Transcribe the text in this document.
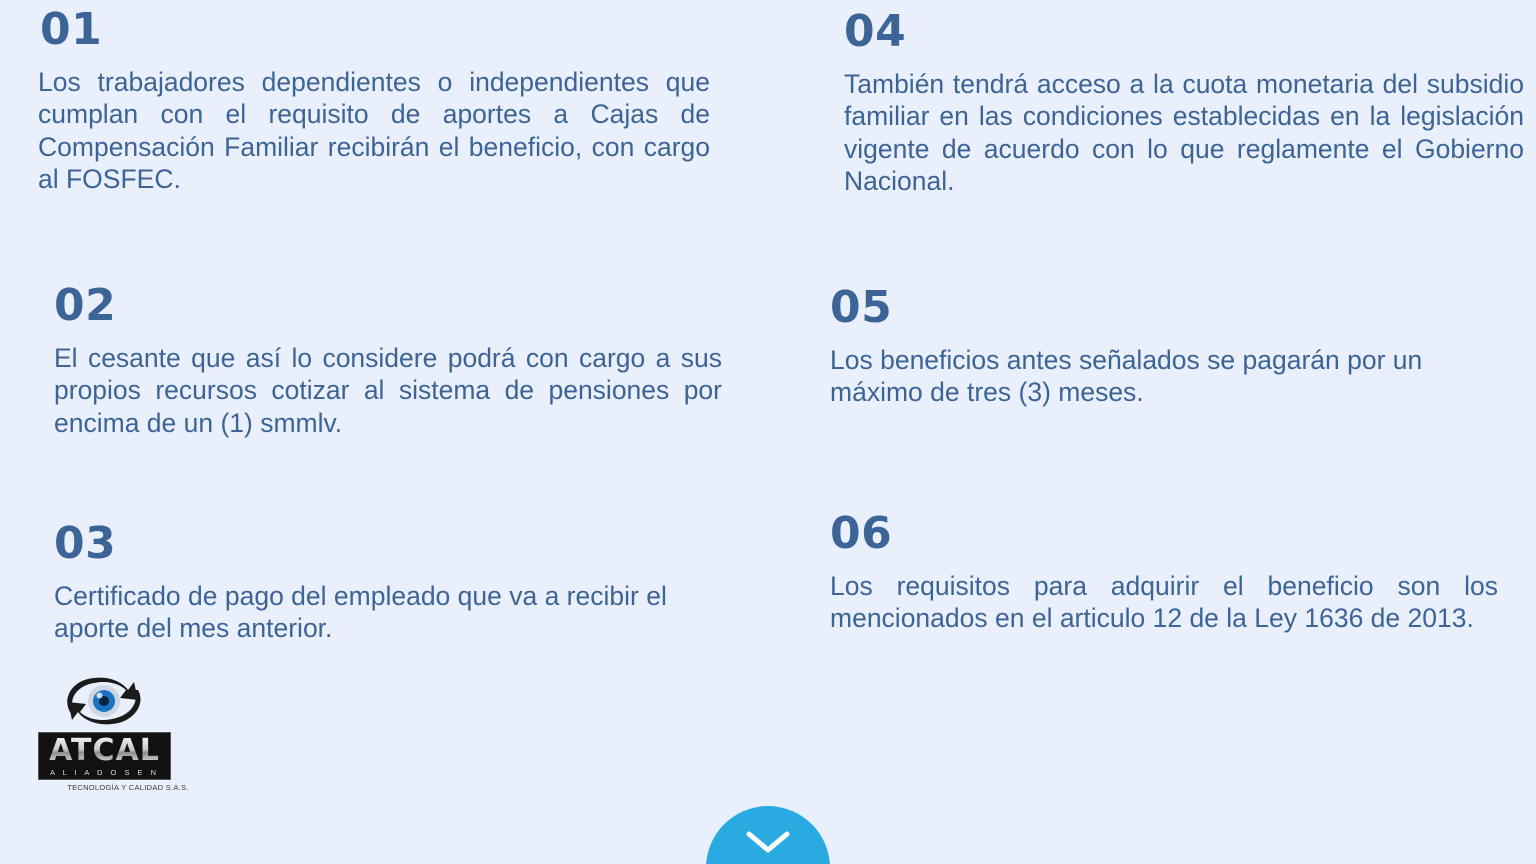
01
Los trabajadores dependientes o independientes que cumplan con el requisito de aportes a Cajas de Compensación Familiar recibirán el beneficio, con cargo al FOSFEC.
02
El cesante que así lo considere podrá con cargo a sus propios recursos cotizar al sistema de pensiones por encima de un (1) smmlv.
03
Certificado de pago del empleado que va a recibir el aporte del mes anterior.
04
También tendrá acceso a la cuota monetaria del subsidio familiar en las condiciones establecidas en la legislación vigente de acuerdo con lo que reglamente el Gobierno Nacional.
05
Los beneficios antes señalados se pagarán por un máximo de tres (3) meses.
06
Los requisitos para adquirir el beneficio son los mencionados en el articulo 12 de la Ley 1636 de 2013.
ATCAL
A L I A D O S E N
TECNOLOGÍA Y CALIDAD S.A.S.
